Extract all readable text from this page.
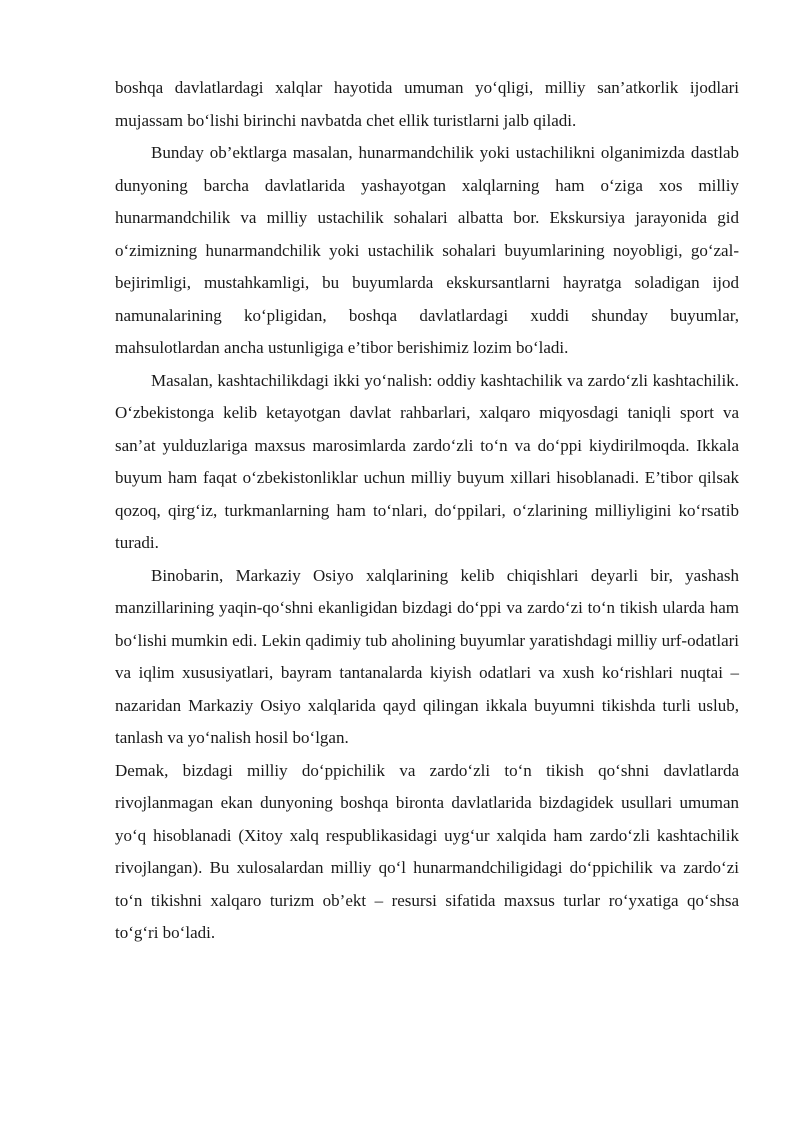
boshqa davlatlardagi xalqlar hayotida umuman yo‘qligi, milliy san’atkorlik ijodlari mujassam bo‘lishi birinchi navbatda chet ellik turistlarni jalb qiladi.

Bunday ob’ektlarga masalan, hunarmandchilik yoki ustachilikni olganimizda dastlab dunyoning barcha davlatlarida yashayotgan xalqlarning ham o‘ziga xos milliy hunarmandchilik va milliy ustachilik sohalari albatta bor. Ekskursiya jarayonida gid o‘zimizning hunarmandchilik yoki ustachilik sohalari buyumlarining noyobligi, go‘zal-bejirimligi, mustahkamligi, bu buyumlarda ekskursantlarni hayratga soladigan ijod namunalarining ko‘pligidan, boshqa davlatlardagi xuddi shunday buyumlar, mahsulotlardan ancha ustunligiga e’tibor berishimiz lozim bo‘ladi.

Masalan, kashtachilikdagi ikki yo‘nalish: oddiy kashtachilik va zardo‘zli kashtachilik. O‘zbekistonga kelib ketayotgan davlat rahbarlari, xalqaro miqyosdagi taniqli sport va san’at yulduzlariga maxsus marosimlarda zardo‘zli to‘n va do‘ppi kiydirilmoqda. Ikkala buyum ham faqat o‘zbekistonliklar uchun milliy buyum xillari hisoblanadi. E’tibor qilsak qozoq, qirg‘iz, turkmanlarning ham to‘nlari, do‘ppilari, o‘zlarining milliyligini ko‘rsatib turadi.

Binobarin, Markaziy Osiyo xalqlarining kelib chiqishlari deyarli bir, yashash manzillarining yaqin-qo‘shni ekanligidan bizdagi do‘ppi va zardo‘zi to‘n tikish ularda ham bo‘lishi mumkin edi. Lekin qadimiy tub aholining buyumlar yaratishdagi milliy urf-odatlari va iqlim xususiyatlari, bayram tantanalarda kiyish odatlari va xush ko‘rishlari nuqtai – nazaridan Markaziy Osiyo xalqlarida qayd qilingan ikkala buyumni tikishda turli uslub, tanlash va yo‘nalish hosil bo‘lgan.

Demak, bizdagi milliy do‘ppichilik va zardo‘zli to‘n tikish qo‘shni davlatlarda rivojlanmagan ekan dunyoning boshqa bironta davlatlarida bizdagidek usullari umuman yo‘q hisoblanadi (Xitoy xalq respublikasidagi uyg‘ur xalqida ham zardo‘zli kashtachilik rivojlangan). Bu xulosalardan milliy qo‘l hunarmandchiligidagi do‘ppichilik va zardo‘zi to‘n tikishni xalqaro turizm ob’ekt – resursi sifatida maxsus turlar ro‘yxatiga qo‘shsa to‘g‘ri bo‘ladi.
